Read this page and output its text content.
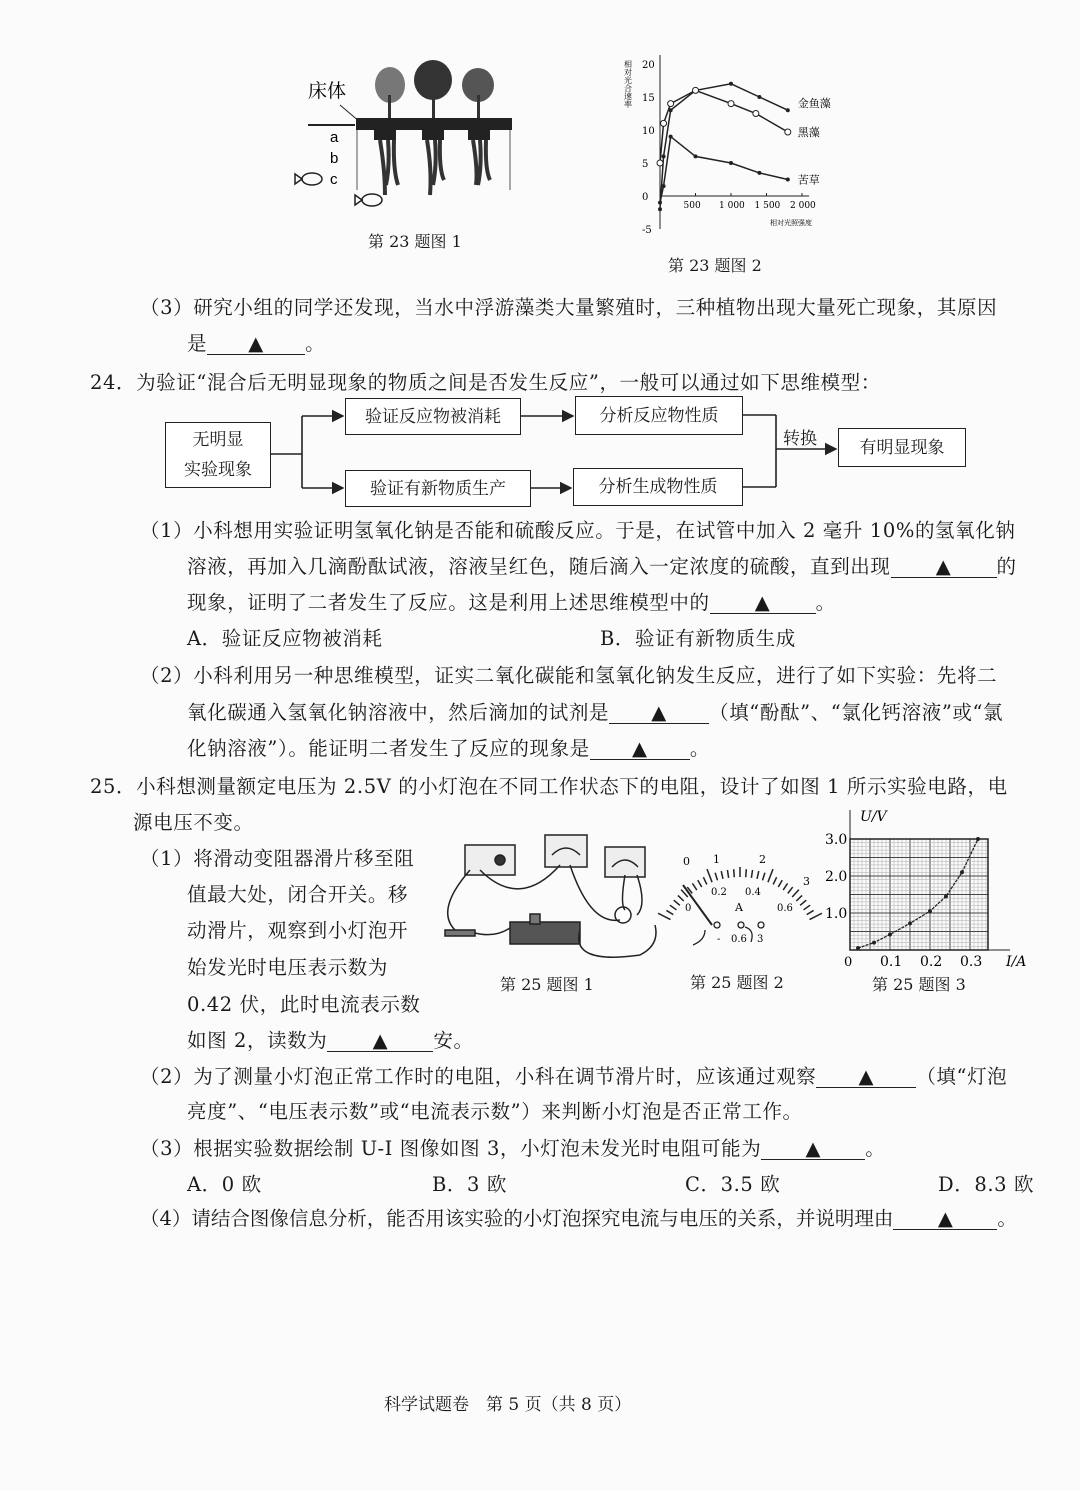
床体
a
b
c
第 23 题图 1
-5
0
5
10
15
20
500 1 000 1 500 2 000
相对光合速率
相对光照强度
金鱼藻
黑藻
苦草
第 23 题图 2
（3）研究小组的同学还发现，当水中浮游藻类大量繁殖时，三种植物出现大量死亡现象，其原因
是 ▲ 。
24．为验证“混合后无明显现象的物质之间是否发生反应”，一般可以通过如下思维模型：
无明显
实验现象
验证反应物被消耗	分析反应物性质
验证有新物质生产	分析生成物性质
转换	有明显现象
（1）小科想用实验证明氢氧化钠是否能和硫酸反应。于是，在试管中加入 2 毫升 10%的氢氧化钠
溶液，再加入几滴酚酞试液，溶液呈红色，随后滴入一定浓度的硫酸，直到出现 ▲ 的
现象，证明了二者发生了反应。这是利用上述思维模型中的 ▲ 。
A．验证反应物被消耗	B．验证有新物质生成
（2）小科利用另一种思维模型，证实二氧化碳能和氢氧化钠发生反应，进行了如下实验：先将二
氧化碳通入氢氧化钠溶液中，然后滴加的试剂是 ▲ （填“酚酞”、“氯化钙溶液”或“氯
化钠溶液”）。能证明二者发生了反应的现象是 ▲ 。
25．小科想测量额定电压为 2.5V 的小灯泡在不同工作状态下的电阻，设计了如图 1 所示实验电路，电
源电压不变。
（1）将滑动变阻器滑片移至阻
值最大处，闭合开关。移
动滑片，观察到小灯泡开
始发光时电压表示数为
0.42 伏，此时电流表示数
如图 2，读数为 ▲ 安。
第 25 题图 1
0 1	2
3
0
0.2 0.4
0.6
A
- 0.6 3
第 25 题图 2
U/V
I/A
0
1.0
2.0
3.0
0.1 0.2 0.3
第 25 题图 3
（2）为了测量小灯泡正常工作时的电阻，小科在调节滑片时，应该通过观察 ▲ （填“灯泡
亮度”、“电压表示数”或“电流表示数”）来判断小灯泡是否正常工作。
（3）根据实验数据绘制 U-I 图像如图 3，小灯泡未发光时电阻可能为 ▲ 。
A．0 欧	B．3 欧	C．3.5 欧	D．8.3 欧
（4）请结合图像信息分析，能否用该实验的小灯泡探究电流与电压的关系，并说明理由 ▲ 。
科学试题卷　第 5 页（共 8 页）
